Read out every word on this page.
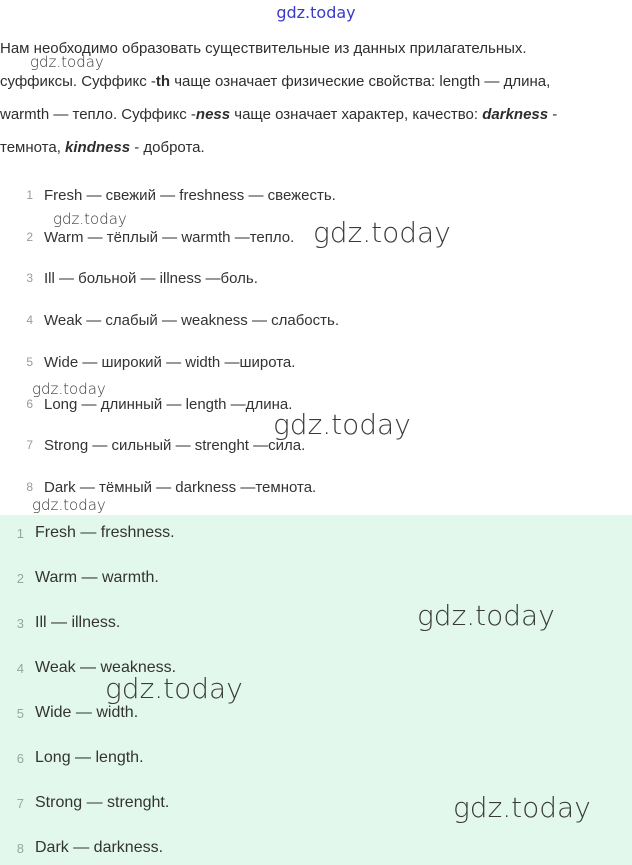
gdz.today

Нам необходимо образовать существительные из данных прилагательных.

суффиксы. Суффикс -th чаще означает физические свойства: length — длина,

warmth — тепло. Суффикс -ness чаще означает характер, качество: darkness -

темнота, kindness - доброта.

1 Fresh — свежий — freshness — свежесть.
2 Warm — тёплый — warmth —тепло.
3 Ill — больной — illness —боль.
4 Weak — слабый — weakness — слабость.
5 Wide — широкий — width —широта.
6 Long — длинный — length —длина.
7 Strong — сильный — strenght —сила.
8 Dark — тёмный — darkness —темнота.
1 Fresh — freshness.
2 Warm — warmth.
3 Ill — illness.
4 Weak — weakness.
5 Wide — width.
6 Long — length.
7 Strong — strenght.
8 Dark — darkness.
gdz.today
gdz.today	gdz.today
gdz.today
gdz.today
gdz.today
gdz.today
gdz.today
gdz.today
